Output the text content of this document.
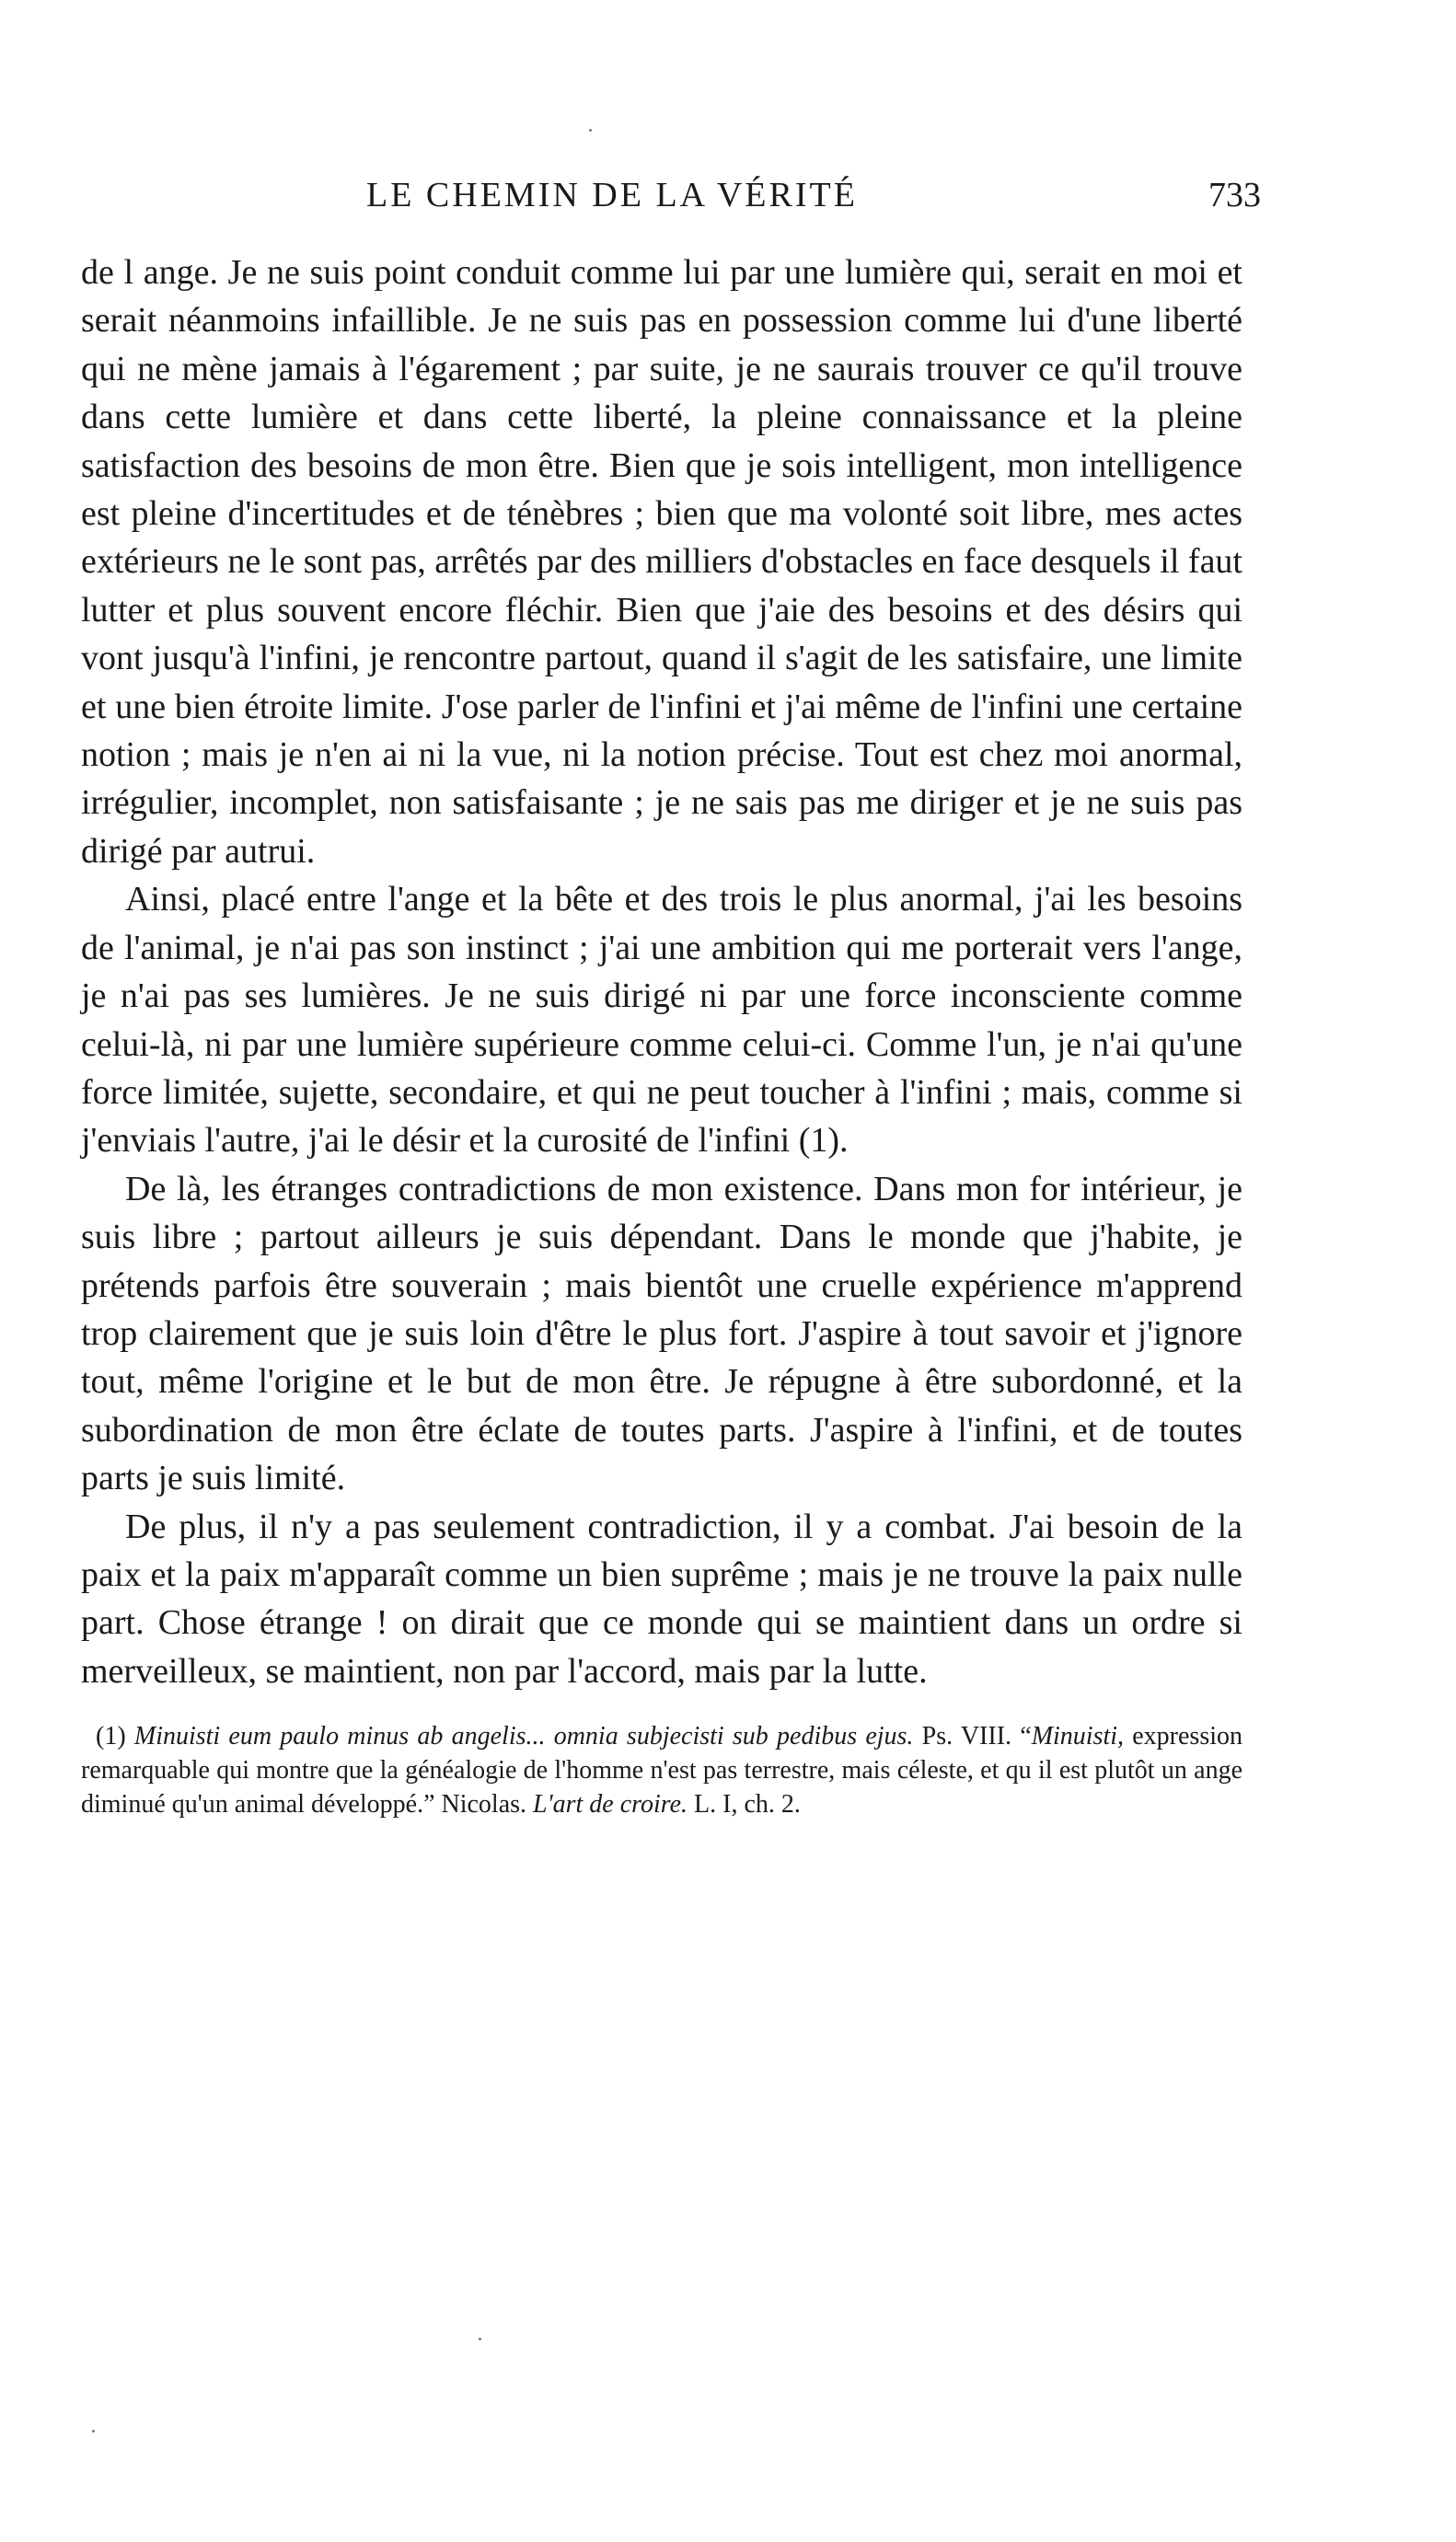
LE CHEMIN DE LA VÉRITÉ	733

de l ange. Je ne suis point conduit comme lui par une lumière qui, serait en moi et serait néanmoins infaillible. Je ne suis pas en possession comme lui d'une liberté qui ne mène jamais à l'égarement ; par suite, je ne saurais trouver ce qu'il trouve dans cette lumière et dans cette liberté, la pleine connaissance et la pleine satisfaction des besoins de mon être. Bien que je sois intelligent, mon intelligence est pleine d'incertitudes et de ténèbres ; bien que ma volonté soit libre, mes actes extérieurs ne le sont pas, arrêtés par des milliers d'obstacles en face desquels il faut lutter et plus souvent encore fléchir. Bien que j'aie des besoins et des désirs qui vont jusqu'à l'infini, je rencontre partout, quand il s'agit de les satisfaire, une limite et une bien étroite limite. J'ose parler de l'infini et j'ai même de l'infini une certaine notion ; mais je n'en ai ni la vue, ni la notion précise. Tout est chez moi anormal, irrégulier, incomplet, non satisfaisante ; je ne sais pas me diriger et je ne suis pas dirigé par autrui.

Ainsi, placé entre l'ange et la bête et des trois le plus anormal, j'ai les besoins de l'animal, je n'ai pas son instinct ; j'ai une ambition qui me porterait vers l'ange, je n'ai pas ses lumières. Je ne suis dirigé ni par une force inconsciente comme celui-là, ni par une lumière supérieure comme celui-ci. Comme l'un, je n'ai qu'une force limitée, sujette, secondaire, et qui ne peut toucher à l'infini ; mais, comme si j'enviais l'autre, j'ai le désir et la curosité de l'infini (1).

De là, les étranges contradictions de mon existence. Dans mon for intérieur, je suis libre ; partout ailleurs je suis dépendant. Dans le monde que j'habite, je prétends parfois être souverain ; mais bientôt une cruelle expérience m'apprend trop clairement que je suis loin d'être le plus fort. J'aspire à tout savoir et j'ignore tout, même l'origine et le but de mon être. Je répugne à être subordonné, et la subordination de mon être éclate de toutes parts. J'aspire à l'infini, et de toutes parts je suis limité.

De plus, il n'y a pas seulement contradiction, il y a combat. J'ai besoin de la paix et la paix m'apparaît comme un bien suprême ; mais je ne trouve la paix nulle part. Chose étrange ! on dirait que ce monde qui se maintient dans un ordre si merveilleux, se maintient, non par l'accord, mais par la lutte.

(1) Minuisti eum paulo minus ab angelis... omnia subjecisti sub pedibus ejus. Ps. VIII. “Minuisti, expression remarquable qui montre que la généalogie de l'homme n'est pas terrestre, mais céleste, et qu il est plutôt un ange diminué qu'un animal développé.” Nicolas. L'art de croire. L. I, ch. 2.
